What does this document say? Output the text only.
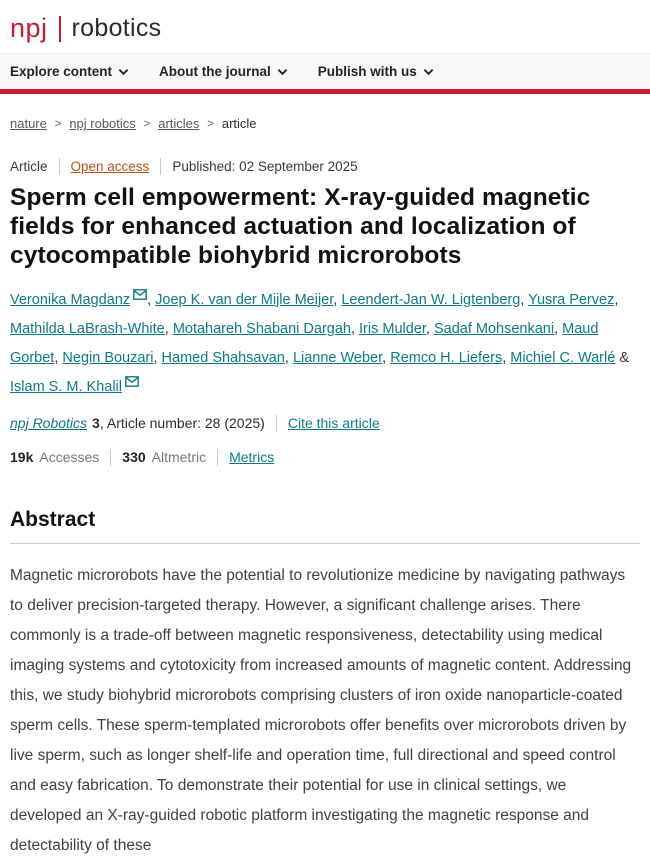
npj robotics
Explore content	About the journal	Publish with us
nature > npj robotics > articles > article
Article Open access Published: 02 September 2025
Sperm cell empowerment: X-ray-guided magnetic fields for enhanced actuation and localization of cytocompatible biohybrid microrobots

Veronika Magdanz , Joep K. van der Mijle Meijer, Leendert-Jan W. Ligtenberg, Yusra Pervez, Mathilda LaBrash-White, Motahareh Shabani Dargah, Iris Mulder, Sadaf Mohsenkani, Maud Gorbet, Negin Bouzari, Hamed Shahsavan, Lianne Weber, Remco H. Liefers, Michiel C. Warlé & Islam S. M. Khalil

npj Robotics 3 , Article number: 28 (2025) Cite this article
19k Accesses 330 Altmetric Metrics
Abstract

Magnetic microrobots have the potential to revolutionize medicine by navigating pathways to deliver precision-targeted therapy. However, a significant challenge arises. There commonly is a trade-off between magnetic responsiveness, detectability using medical imaging systems and cytotoxicity from increased amounts of magnetic content. Addressing this, we study biohybrid microrobots comprising clusters of iron oxide nanoparticle-coated sperm cells. These sperm-templated microrobots offer benefits over microrobots driven by live sperm, such as longer shelf-life and operation time, full directional and speed control and easy fabrication. To demonstrate their potential for use in clinical settings, we developed an X-ray-guided robotic platform investigating the magnetic response and detectability of these
